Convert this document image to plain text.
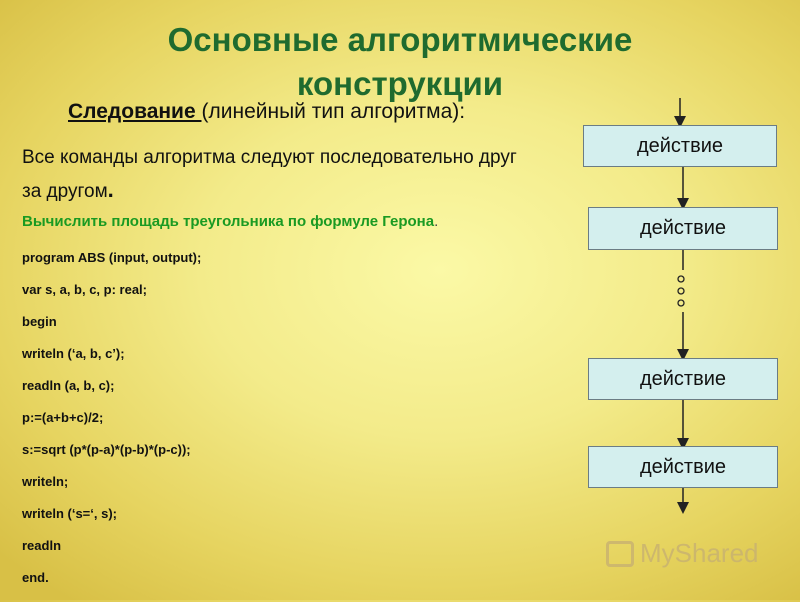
Основные алгоритмические
конструкции
Следование (линейный тип алгоритма):
Все команды алгоритма следуют последовательно друг
за другом.
Вычислить площадь треугольника по формуле Герона.
program ABS (input, output);
var s, a, b, c, p: real;
begin
writeln (‘a, b, c’);
readln (a, b, c);
p:=(a+b+c)/2;
s:=sqrt (p*(p-a)*(p-b)*(p-c));
writeln;
writeln (‘s=‘, s);
readln
end.
действие
действие
действие
действие
MyShared
